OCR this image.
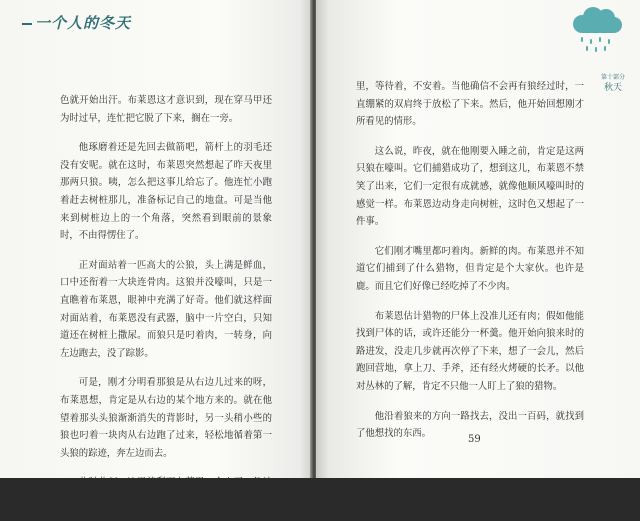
一个人的冬天

色就开始出汗。布莱恩这才意识到，现在穿马甲还为时过早，连忙把它脱了下来，搁在一旁。

他琢磨着还是先回去做箭吧，箭杆上的羽毛还没有安呢。就在这时，布莱恩突然想起了昨天夜里那两只狼。咦，怎么把这事儿给忘了。他连忙小跑着赶去树桩那儿，准备标记自己的地盘。可是当他来到树桩边上的一个角落，突然看到眼前的景象时，不由得愣住了。

正对面站着一匹高大的公狼，头上满是鲜血，口中还衔着一大块连骨肉。这狼并没嚎叫，只是一直瞧着布莱恩，眼神中充满了好奇。他们就这样面对面站着，布莱恩没有武器，脑中一片空白，只知道还在树桩上撒尿。而狼只是叼着肉，一转身，向左边跑去，没了踪影。

可是，刚才分明看那狼是从右边儿过来的呀，布莱恩想，肯定是从右边的某个地方来的。就在他望着那头头狼渐渐消失的背影时，另一头稍小些的狼也叼着一块肉从右边跑了过来，轻松地循着第一头狼的踪迹，奔左边而去。

此时此刻，这里就剩下布莱恩一个人了。他站在那

第十部分
秋天

里，等待着，不安着。当他确信不会再有狼经过时，一直绷紧的双肩终于放松了下来。然后，他开始回想刚才所看见的情形。

这么说，昨夜，就在他刚要入睡之前，肯定是这两只狼在嚎叫。它们捕猎成功了，想到这儿，布莱恩不禁笑了出来，它们一定很有成就感，就像他顺风嚎叫时的感觉一样。布莱恩边动身走向树桩，这时色又想起了一件事。

它们刚才嘴里都叼着肉。新鲜的肉。布莱恩并不知道它们捕到了什么猎物，但肯定是个大家伙。也许是鹿。而且它们好像已经吃掉了不少肉。

布莱恩估计猎物的尸体上没准儿还有肉；假如他能找到尸体的话，或许还能分一杯羹。他开始向狼来时的路进发，没走几步就再次停了下来，想了一会儿，然后跑回营地，拿上刀、手斧，还有经火烤硬的长矛。以他对丛林的了解，肯定不只他一人盯上了狼的猎物。

他沿着狼来的方向一路找去，没出一百码，就找到了他想找的东西。

59
